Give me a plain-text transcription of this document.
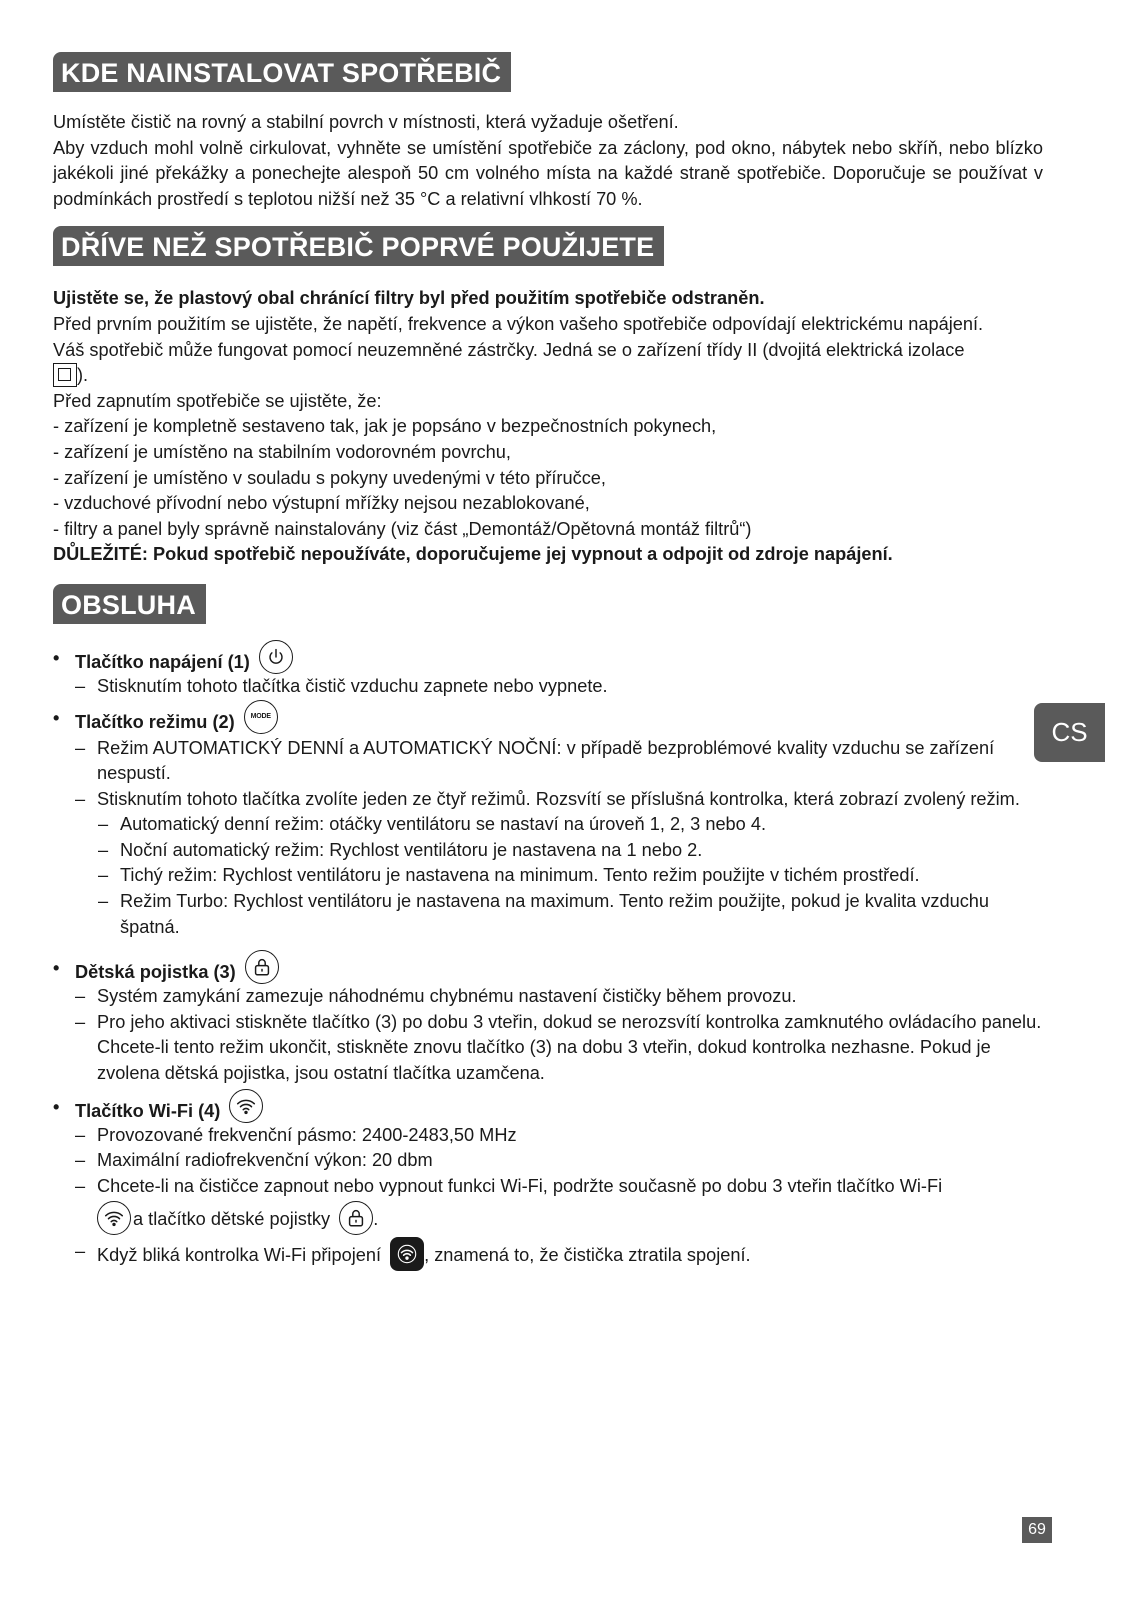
KDE NAINSTALOVAT SPOTŘEBIČ

Umístěte čistič na rovný a stabilní povrch v místnosti, která vyžaduje ošetření.

Aby vzduch mohl volně cirkulovat, vyhněte se umístění spotřebiče za záclony, pod okno, nábytek nebo skříň, nebo blízko jakékoli jiné překážky a ponechejte alespoň 50 cm volného místa na každé straně spotřebiče. Doporučuje se používat v podmínkách prostředí s teplotou nižší než 35 °C a relativní vlhkostí 70 %.

DŘÍVE NEŽ SPOTŘEBIČ POPRVÉ POUŽIJETE

Ujistěte se, že plastový obal chránící filtry byl před použitím spotřebiče odstraněn.

Před prvním použitím se ujistěte, že napětí, frekvence a výkon vašeho spotřebiče odpovídají elektrickému napájení.

Váš spotřebič může fungovat pomocí neuzemněné zástrčky. Jedná se o zařízení třídy II (dvojitá elektrická izolace
).

Před zapnutím spotřebiče se ujistěte, že:

- zařízení je kompletně sestaveno tak, jak je popsáno v bezpečnostních pokynech,

- zařízení je umístěno na stabilním vodorovném povrchu,

- zařízení je umístěno v souladu s pokyny uvedenými v této příručce,

- vzduchové přívodní nebo výstupní mřížky nejsou nezablokované,

- filtry a panel byly správně nainstalovány (viz část „Demontáž/Opětovná montáž filtrů“)

DŮLEŽITÉ: Pokud spotřebič nepoužíváte, doporučujeme jej vypnout a odpojit od zdroje napájení.

OBSLUHA
• Tlačítko napájení (1)
– Stisknutím tohoto tlačítka čistič vzduchu zapnete nebo vypnete.
• Tlačítko režimu (2) MODE
– Režim AUTOMATICKÝ DENNÍ a AUTOMATICKÝ NOČNÍ: v případě bezproblémové kvality vzduchu se zařízení nespustí.
– Stisknutím tohoto tlačítka zvolíte jeden ze čtyř režimů. Rozsvítí se příslušná kontrolka, která zobrazí zvolený režim.
– Automatický denní režim: otáčky ventilátoru se nastaví na úroveň 1, 2, 3 nebo 4.
– Noční automatický režim: Rychlost ventilátoru je nastavena na 1 nebo 2.
– Tichý režim: Rychlost ventilátoru je nastavena na minimum. Tento režim použijte v tichém prostředí.
– Režim Turbo: Rychlost ventilátoru je nastavena na maximum. Tento režim použijte, pokud je kvalita vzduchu špatná.
• Dětská pojistka (3)
– Systém zamykání zamezuje náhodnému chybnému nastavení čističky během provozu.
– Pro jeho aktivaci stiskněte tlačítko (3) po dobu 3 vteřin, dokud se nerozsvítí kontrolka zamknutého ovládacího panelu. Chcete-li tento režim ukončit, stiskněte znovu tlačítko (3) na dobu 3 vteřin, dokud kontrolka nezhasne. Pokud je zvolena dětská pojistka, jsou ostatní tlačítka uzamčena.
• Tlačítko Wi-Fi (4)
– Provozované frekvenční pásmo: 2400-2483,50 MHz
– Maximální radiofrekvenční výkon: 20 dbm
– Chcete-li na čističce zapnout nebo vypnout funkci Wi-Fi, podržte současně po dobu 3 vteřin tlačítko Wi-Fi
a tlačítko dětské pojistky .
– Když bliká kontrolka Wi-Fi připojení , znamená to, že čistička ztratila spojení.
CS
69
